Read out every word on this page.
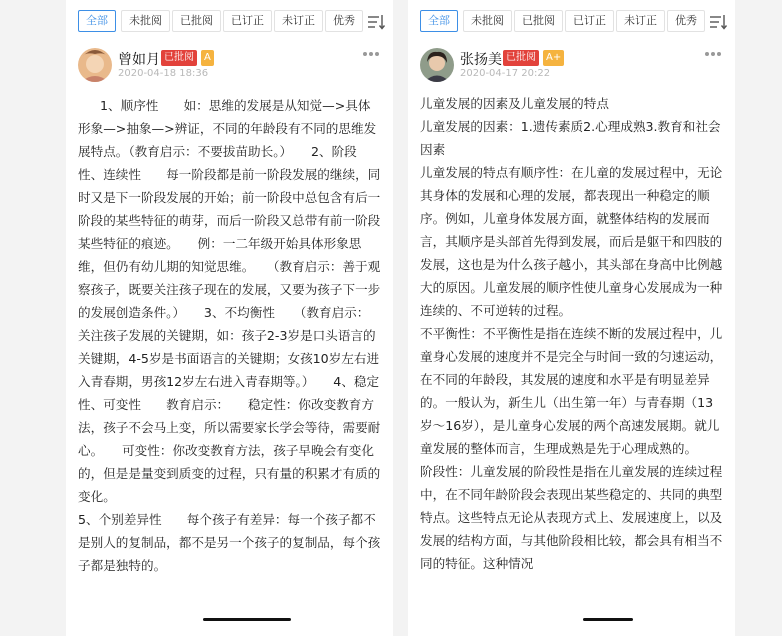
全部	未批阅	已批阅	已订正	未订正	优秀
曾如月 已批阅	A
2020-04-18 18:36

1、顺序性　　如：思维的发展是从知觉—>具体形象—>抽象—>辨证，不同的年龄段有不同的思维发展特点。（教育启示：不要拔苗助长。）　　2、阶段性、连续性　　每一阶段都是前一阶段发展的继续，同时又是下一阶段发展的开始；前一阶段中总包含有后一阶段的某些特征的萌芽，而后一阶段又总带有前一阶段某些特征的痕迹。　　例：一二年级开始具体形象思维，但仍有幼儿期的知觉思维。　　（教育启示：善于观察孩子，既要关注孩子现在的发展，又要为孩子下一步的发展创造条件。）　　3、不均衡性　　（教育启示：关注孩子发展的关键期，如：孩子2-3岁是口头语言的关键期，4-5岁是书面语言的关键期；女孩10岁左右进入青春期，男孩12岁左右进入青春期等。）　　4、稳定性、可变性　　教育启示：　　稳定性：你改变教育方法，孩子不会马上变，所以需要家长学会等待，需要耐心。　　可变性：你改变教育方法，孩子早晚会有变化的，但是是量变到质变的过程，只有量的积累才有质的变化。

5、个别差异性　　每个孩子有差异：每一个孩子都不是别人的复制品，都不是另一个孩子的复制品，每个孩子都是独特的。

全部	未批阅	已批阅	已订正	未订正	优秀
张扬美 已批阅	A+
2020-04-17 20:22

儿童发展的因素及儿童发展的特点

儿童发展的因素：1.遗传素质2.心理成熟3.教育和社会因素

儿童发展的特点有顺序性：在儿童的发展过程中，无论其身体的发展和心理的发展，都表现出一种稳定的顺序。例如，儿童身体发展方面，就整体结构的发展而言，其顺序是头部首先得到发展，而后是躯干和四肢的发展，这也是为什么孩子越小，其头部在身高中比例越大的原因。儿童发展的顺序性使儿童身心发展成为一种连续的、不可逆转的过程。

不平衡性：不平衡性是指在连续不断的发展过程中，儿童身心发展的速度并不是完全与时间一致的匀速运动，在不同的年龄段，其发展的速度和水平是有明显差异的。一般认为，新生儿（出生第一年）与青春期（13岁～16岁），是儿童身心发展的两个高速发展期。就儿童发展的整体而言，生理成熟是先于心理成熟的。

阶段性：儿童发展的阶段性是指在儿童发展的连续过程中，在不同年龄阶段会表现出某些稳定的、共同的典型特点。这些特点无论从表现方式上、发展速度上，以及发展的结构方面，与其他阶段相比较，都会具有相当不同的特征。这种情况
